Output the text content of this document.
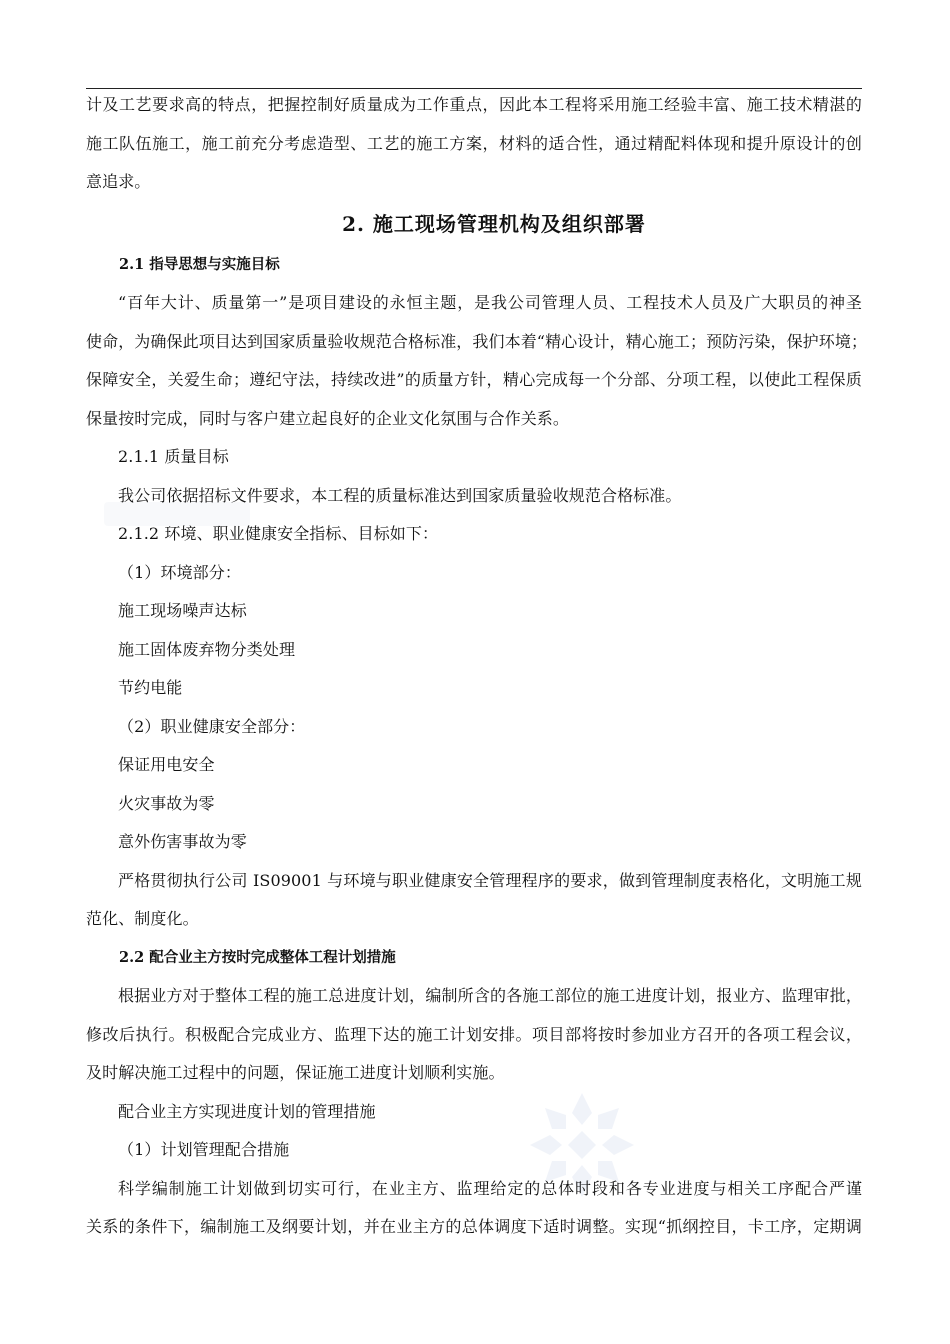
计及工艺要求高的特点，把握控制好质量成为工作重点，因此本工程将采用施工经验丰富、施工技术精湛的
施工队伍施工，施工前充分考虑造型、工艺的施工方案，材料的适合性，通过精配料体现和提升原设计的创
意追求。
2. 施工现场管理机构及组织部署
2.1 指导思想与实施目标
“百年大计、质量第一”是项目建设的永恒主题，是我公司管理人员、工程技术人员及广大职员的神圣
使命，为确保此项目达到国家质量验收规范合格标准，我们本着“精心设计，精心施工；预防污染，保护环境；
保障安全，关爱生命；遵纪守法，持续改进”的质量方针，精心完成每一个分部、分项工程，以使此工程保质
保量按时完成，同时与客户建立起良好的企业文化氛围与合作关系。
2.1.1 质量目标
我公司依据招标文件要求，本工程的质量标准达到国家质量验收规范合格标准。
2.1.2 环境、职业健康安全指标、目标如下：
（1）环境部分：
施工现场噪声达标
施工固体废弃物分类处理
节约电能
（2）职业健康安全部分：
保证用电安全
火灾事故为零
意外伤害事故为零
严格贯彻执行公司 IS09001 与环境与职业健康安全管理程序的要求，做到管理制度表格化，文明施工规
范化、制度化。
2.2 配合业主方按时完成整体工程计划措施
根据业方对于整体工程的施工总进度计划，编制所含的各施工部位的施工进度计划，报业方、监理审批，
修改后执行。积极配合完成业方、监理下达的施工计划安排。项目部将按时参加业方召开的各项工程会议，
及时解决施工过程中的问题，保证施工进度计划顺利实施。
配合业主方实现进度计划的管理措施
（1）计划管理配合措施
科学编制施工计划做到切实可行，在业主方、监理给定的总体时段和各专业进度与相关工序配合严谨
关系的条件下，编制施工及纲要计划，并在业主方的总体调度下适时调整。实现“抓纲控目，卡工序，定期调
